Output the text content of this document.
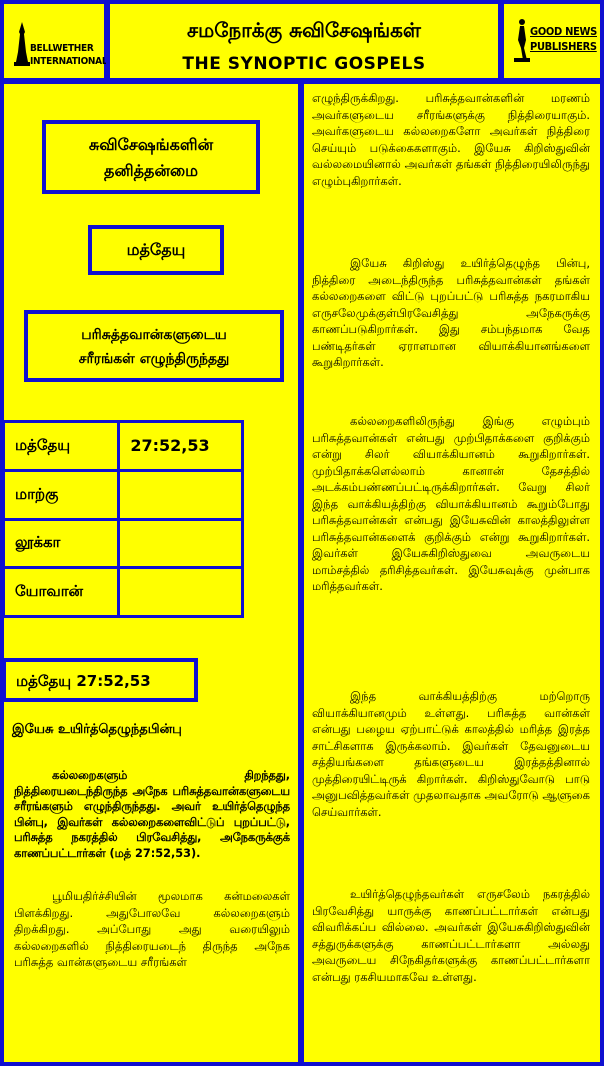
BELLWETHER
INTERNATIONAL
சமநோக்கு சுவிசேஷங்கள்
THE SYNOPTIC GOSPELS
GOOD NEWS
PUBLISHERS
சுவிசேஷங்களின்
தனித்தன்மை
மத்தேயு
பரிசுத்தவான்களுடைய
சரீரங்கள் எழுந்திருந்தது
மத்தேயு	27:52,53
மாற்கு	
லூக்கா	
யோவான்	
மத்தேயு 27:52,53
இயேசு உயிர்த்தெழுந்தபின்பு
கல்லறைகளும் திறந்தது, நித்திரையடைந்திருந்த அநேக பரிசுத்தவான்களுடைய சரீரங்களும் எழுந்திருந்தது. அவர் உயிர்த்தெழுந்த பின்பு, இவர்கள் கல்லறைகளைவிட்டுப் புறப்பட்டு, பரிசுத்த நகரத்தில் பிரவேசித்து, அநேகருக்குக் காணப்பட்டார்கள் (மத் 27:52,53).
பூமியதிர்ச்சியின் மூலமாக கன்மலைகள் பிளக்கிறது. அதுபோலவே கல்லறைகளும் திறக்கிறது. அப்போது அது வரையிலும் கல்லறைகளில் நித்திரையடைந் திருந்த அநேக பரிசுத்த வான்களுடைய சரீரங்கள்
எழுந்திருக்கிறது. பரிசுத்தவான்களின் மரணம் அவர்களுடைய சரீரங்களுக்கு நித்திரையாகும். அவர்களுடைய கல்லறைகளோ அவர்கள் நித்திரை செய்யும் படுக்கைகளாகும். இயேசு கிறிஸ்துவின் வல்லமையினால் அவர்கள் தங்கள் நித்திரையிலிருந்து எழும்புகிறார்கள்.
இயேசு கிறிஸ்து உயிர்த்தெழுந்த பின்பு, நித்திரை அடைந்திருந்த பரிசுத்தவான்கள் தங்கள் கல்லறைகளை விட்டு புறப்பட்டு பரிசுத்த நகரமாகிய எருசலேமுக்குள்பிரவேசித்து அநேகருக்கு காணப்படுகிறார்கள். இது சம்பந்தமாக வேத பண்டிதர்கள் ஏராளமான வியாக்கியானங்களை கூறுகிறார்கள்.
கல்லறைகளிலிருந்து இங்கு எழும்பும் பரிசுத்தவான்கள் என்பது முற்பிதாக்களை குறிக்கும் என்று சிலர் வியாக்கியானம் கூறுகிறார்கள். முற்பிதாக்களெல்லாம் கானான் தேசத்தில் அடக்கம்பண்ணப்பட்டிருக்கிறார்கள். வேறு சிலர் இந்த வாக்கியத்திற்கு வியாக்கியானம் கூறும்போது பரிசுத்தவான்கள் என்பது இயேசுவின் காலத்திலுள்ள பரிசுத்தவான்களைக் குறிக்கும் என்று கூறுகிறார்கள். இவர்கள் இயேசுகிறிஸ்துவை அவருடைய மாம்சத்தில் தரிசித்தவர்கள். இயேசுவுக்கு முன்பாக மரித்தவர்கள்.
இந்த வாக்கியத்திற்கு மற்றொரு வியாக்கியானமும் உள்ளது. பரிசுத்த வான்கள் என்பது பழைய ஏற்பாட்டுக் காலத்தில் மரித்த இரத்த சாட்சிகளாக இருக்கலாம். இவர்கள் தேவனுடைய சத்தியங்களை தங்களுடைய இரத்தத்தினால் முத்திரையிட்டிருக் கிறார்கள். கிறிஸ்துவோடு பாடு அனுபவித்தவர்கள் முதலாவதாக அவரோடு ஆளுகை செய்வார்கள்.
உயிர்த்தெழுந்தவர்கள் எருசலேம் நகரத்தில் பிரவேசித்து யாருக்கு காணப்பட்டார்கள் என்பது விவரிக்கப்ப வில்லை. அவர்கள் இயேசுகிறிஸ்துவின் சத்துருக்களுக்கு காணப்பட்டார்களா அல்லது அவருடைய சிநேகிதர்களுக்கு காணப்பட்டார்களா என்பது ரகசியமாகவே உள்ளது.
